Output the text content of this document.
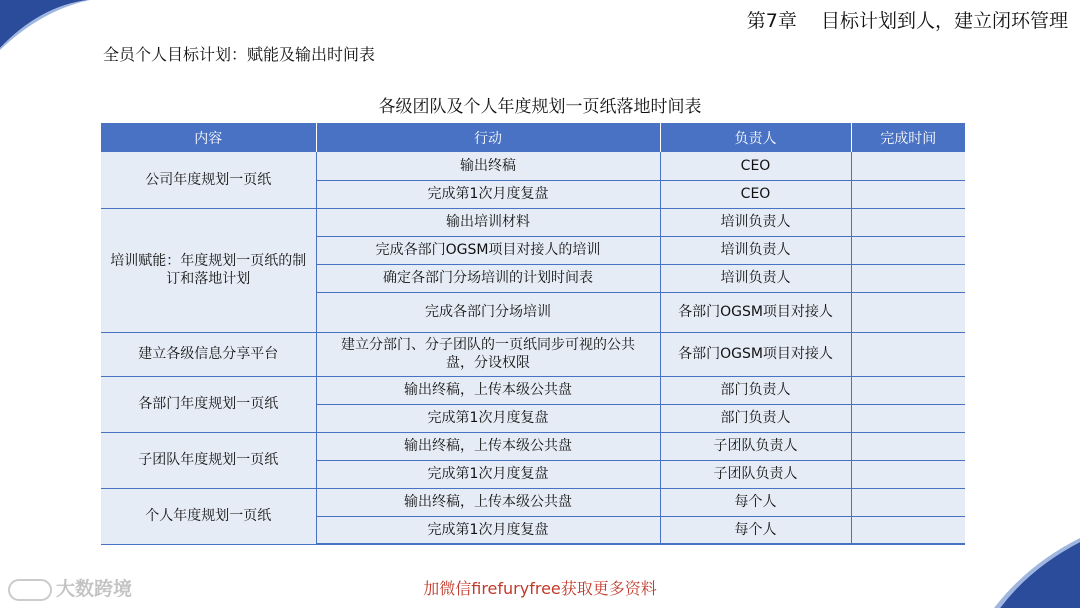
第7章    目标计划到人，建立闭环管理
全员个人目标计划：赋能及输出时间表
各级团队及个人年度规划一页纸落地时间表
内容	行动	负责人	完成时间
公司年度规划一页纸	输出终稿	CEO	
	完成第1次月度复盘	CEO	
培训赋能：年度规划一页纸的制订和落地计划	输出培训材料	培训负责人	
	完成各部门OGSM项目对接人的培训	培训负责人	
	确定各部门分场培训的计划时间表	培训负责人	
	完成各部门分场培训	各部门OGSM项目对接人	
建立各级信息分享平台	建立分部门、分子团队的一页纸同步可视的公共盘，分设权限	各部门OGSM项目对接人	
各部门年度规划一页纸	输出终稿，上传本级公共盘	部门负责人	
	完成第1次月度复盘	部门负责人	
子团队年度规划一页纸	输出终稿，上传本级公共盘	子团队负责人	
	完成第1次月度复盘	子团队负责人	
个人年度规划一页纸	输出终稿，上传本级公共盘	每个人	
	完成第1次月度复盘	每个人	
大数跨境	加微信firefuryfree获取更多资料
